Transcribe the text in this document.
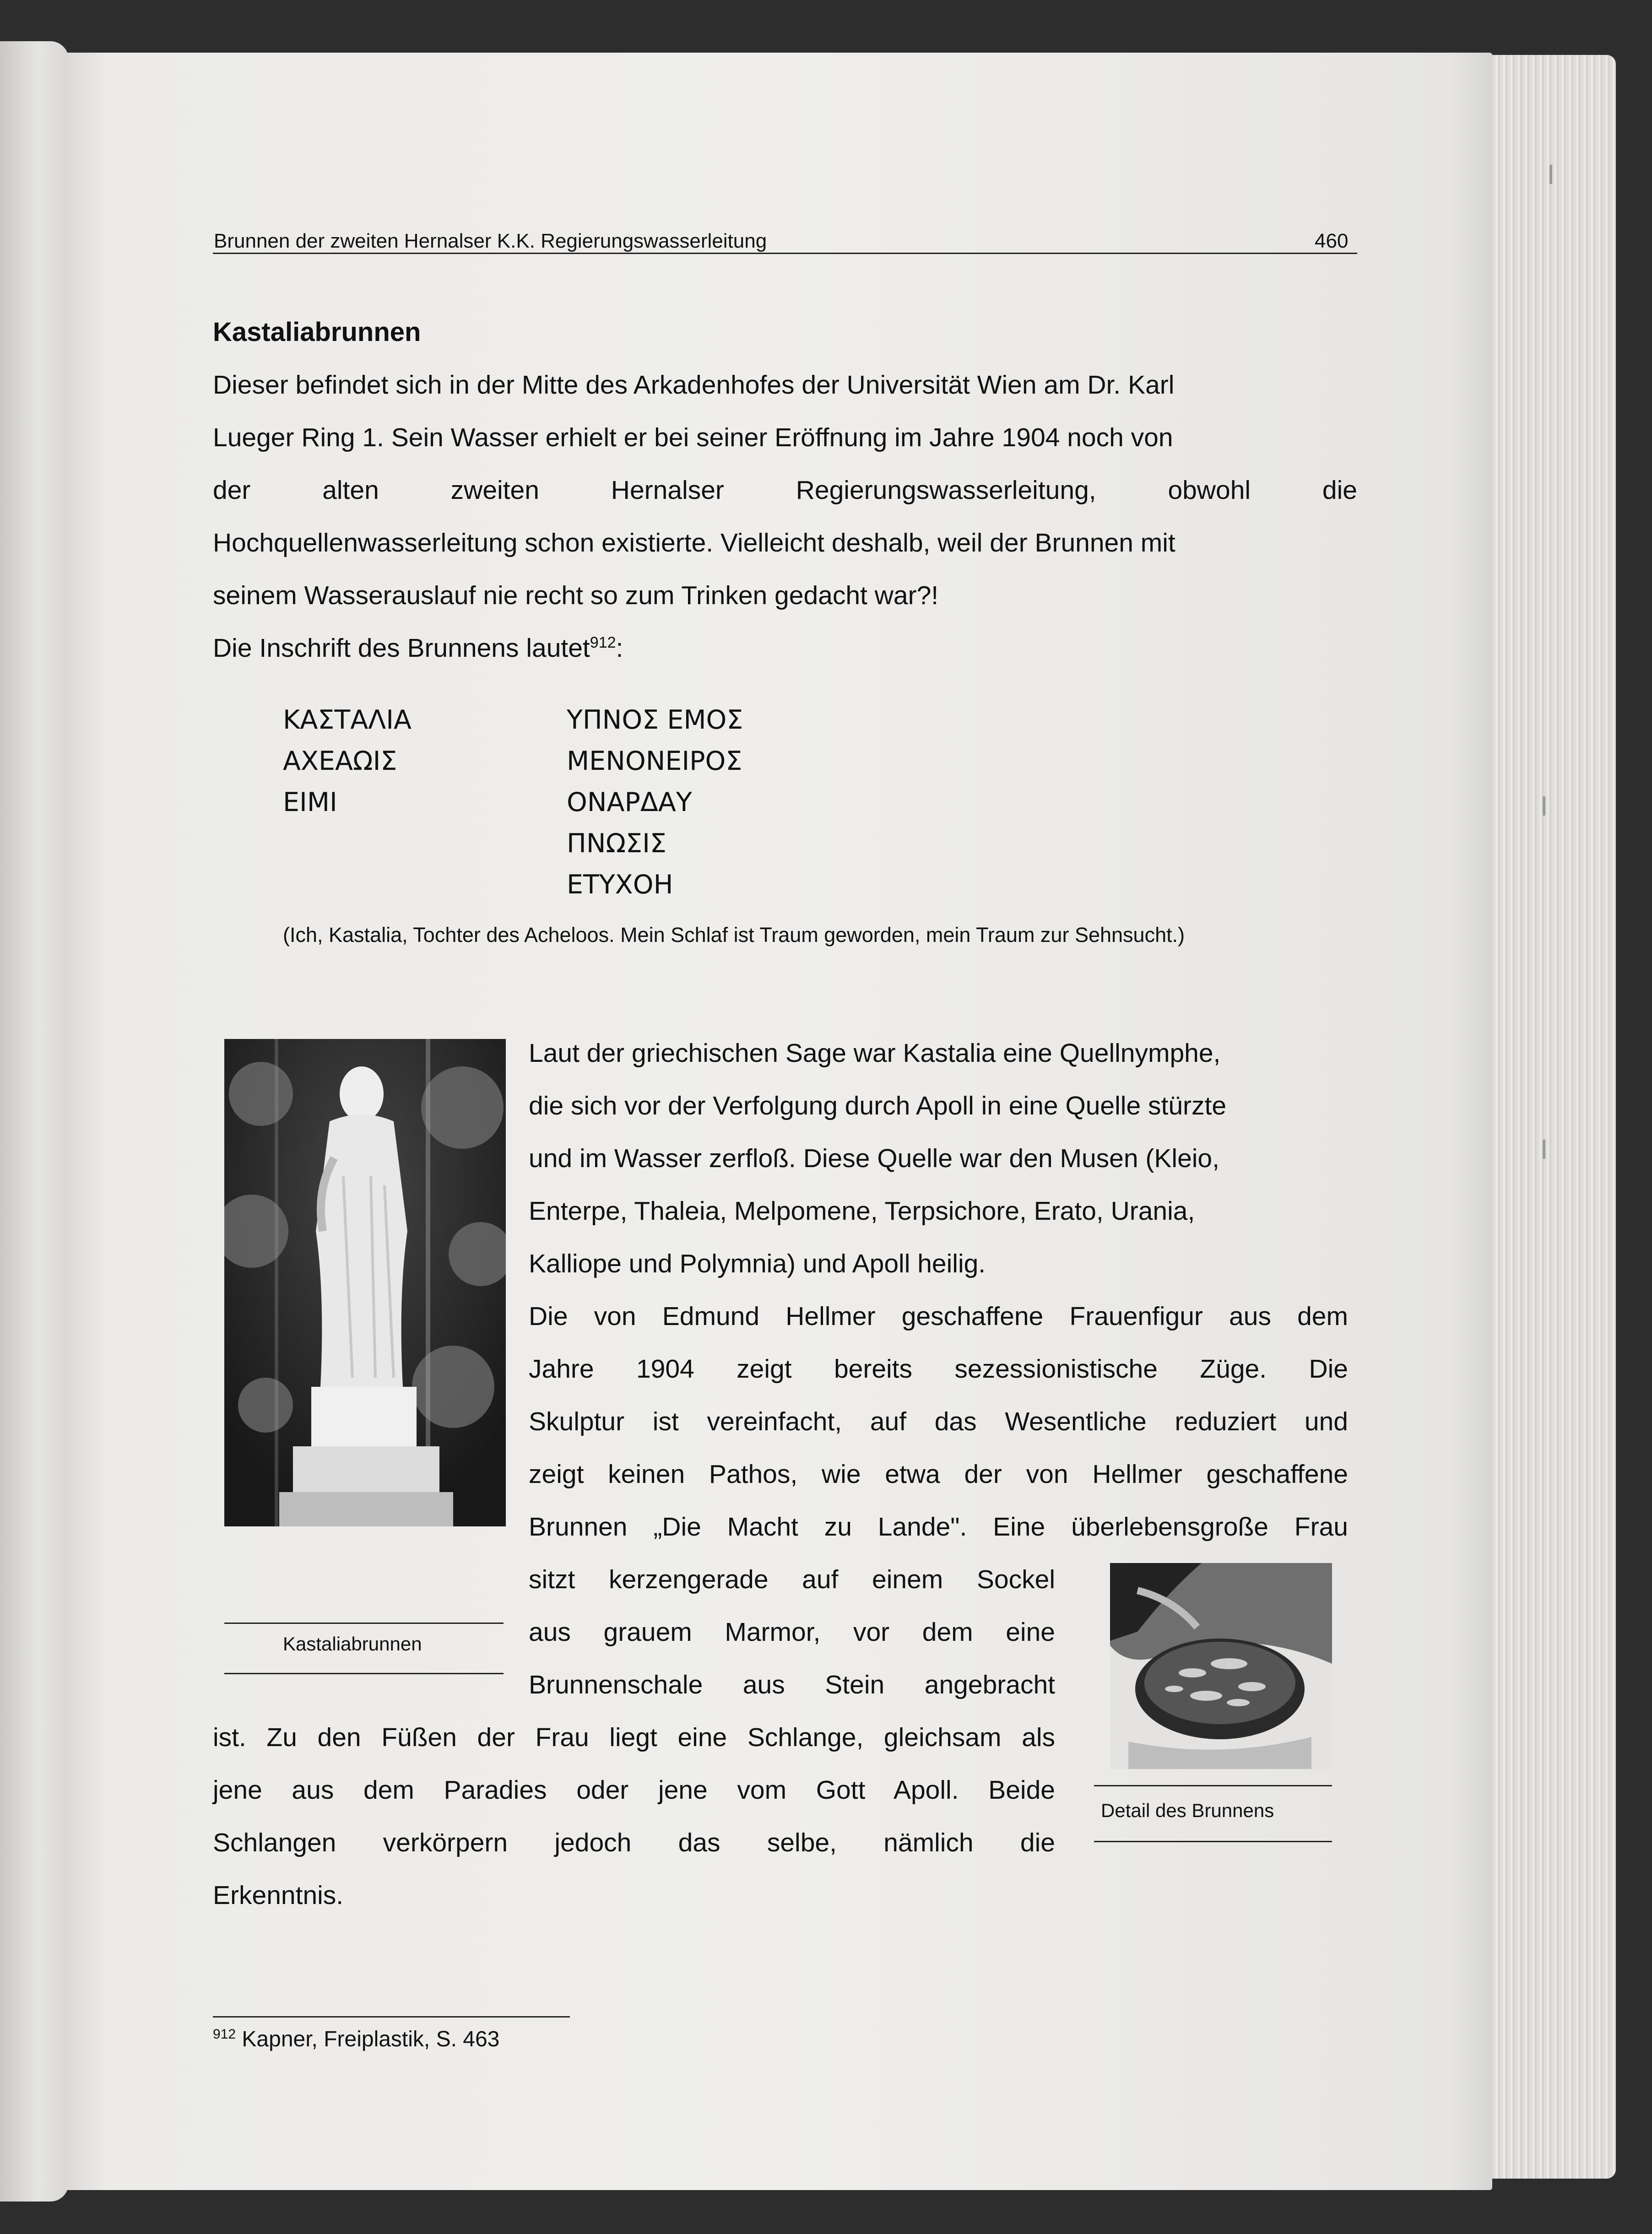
Brunnen der zweiten Hernalser K.K. Regierungswasserleitung	460
Kastaliabrunnen
Dieser befindet sich in der Mitte des Arkadenhofes der Universität Wien am Dr. Karl
Lueger Ring 1. Sein Wasser erhielt er bei seiner Eröffnung im Jahre 1904 noch von
der alten zweiten Hernalser Regierungswasserleitung, obwohl die
Hochquellenwasserleitung schon existierte. Vielleicht deshalb, weil der Brunnen mit
seinem Wasserauslauf nie recht so zum Trinken gedacht war?!
Die Inschrift des Brunnens lautet$^{912}$:
ΚΑΣΤΑΛΙΑ
ΑΧΕΑΩΙΣ
ΕΙΜΙ
ΥΠΝΟΣ ΕΜΟΣ
ΜΕΝΟΝΕΙΡΟΣ
ΟΝΑΡΔΑΥ
ΠΝΩΣΙΣ
ΕΤΥΧΟΗ
(Ich, Kastalia, Tochter des Acheloos. Mein Schlaf ist Traum geworden, mein Traum zur Sehnsucht.)
Kastaliabrunnen
Laut der griechischen Sage war Kastalia eine Quellnymphe,
die sich vor der Verfolgung durch Apoll in eine Quelle stürzte
und im Wasser zerfloß. Diese Quelle war den Musen (Kleio,
Enterpe, Thaleia, Melpomene, Terpsichore, Erato, Urania,
Kalliope und Polymnia) und Apoll heilig.
Die von Edmund Hellmer geschaffene Frauenfigur aus dem
Jahre 1904 zeigt bereits sezessionistische Züge. Die
Skulptur ist vereinfacht, auf das Wesentliche reduziert und
zeigt keinen Pathos, wie etwa der von Hellmer geschaffene
Brunnen „Die Macht zu Lande". Eine überlebensgroße Frau
sitzt kerzengerade auf einem Sockel
aus grauem Marmor, vor dem eine
Brunnenschale aus Stein angebracht
ist. Zu den Füßen der Frau liegt eine Schlange, gleichsam als
jene aus dem Paradies oder jene vom Gott Apoll. Beide
Schlangen verkörpern jedoch das selbe, nämlich die
Erkenntnis.
Detail des Brunnens
$^{912}$ Kapner, Freiplastik, S. 463
